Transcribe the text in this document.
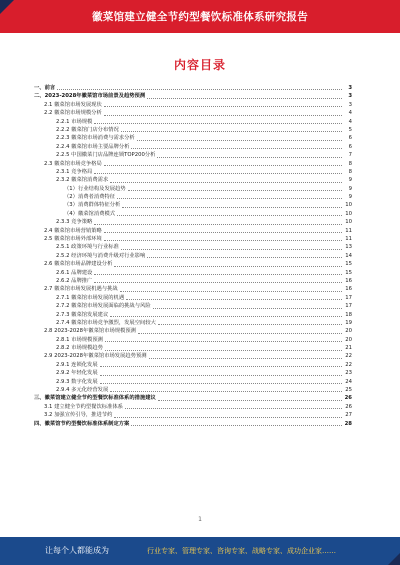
徽菜馆建立健全节约型餐饮标准体系研究报告
内容目录
一、前言	3
二、2023-2028年徽菜馆市场前景及趋势预测	3
2.1 徽菜馆市场发展现状	3
2.2 徽菜馆市场规模分析	4
2.2.1 市场规模	4
2.2.2 徽菜馆门店分布情况	5
2.2.3 徽菜馆市场消费与需求分析	6
2.2.4 徽菜馆市场主要品牌分析	6
2.2.5 中国徽菜门店品牌连锁TOP200分析	7
2.3 徽菜馆市场竞争格局	8
2.3.1 竞争格局	8
2.3.2 徽菜馆消费需求	9
（1）行业结构及发展趋势	9
（2）消费者消费特征	9
（3）消费群体特征分析	10
（4）徽菜馆消费模式	10
2.3.3 竞争策略	10
2.4 徽菜馆市场营销策略	11
2.5 徽菜馆市场外部环境	11
2.5.1 政策环境与行业标准	13
2.5.2 经济环境与消费升级对行业影响	14
2.6 徽菜馆市场品牌建设分析	15
2.6.1 品牌建设	15
2.6.2 品牌推广	16
2.7 徽菜馆市场发展机遇与挑战	16
2.7.1 徽菜馆市场发展的机遇	17
2.7.2 徽菜馆市场发展面临的挑战与风险	17
2.7.3 徽菜馆发展建议	18
2.7.4 徽菜馆市场竞争激烈，发展空间较大	19
2.8 2023-2028年徽菜馆市场规模预测	20
2.8.1 市场规模预测	20
2.8.2 市场规模趋势	21
2.9 2023-2028年徽菜馆市场发展趋势预测	22
2.9.1 连锁化发展	22
2.9.2 年轻化发展	23
2.9.3 数字化发展	24
2.9.4 多元化经营发展	25
三、徽菜馆建立健全节约型餐饮标准体系的措施建议	26
3.1 建立健全节约型餐饮标准体系	26
3.2 加强宣传引导，推进节约	27
四、徽菜馆节约型餐饮标准体系制定方案	28
1
让每个人都能成为	行业专家、管理专家、咨询专家、战略专家、成功企业家……
